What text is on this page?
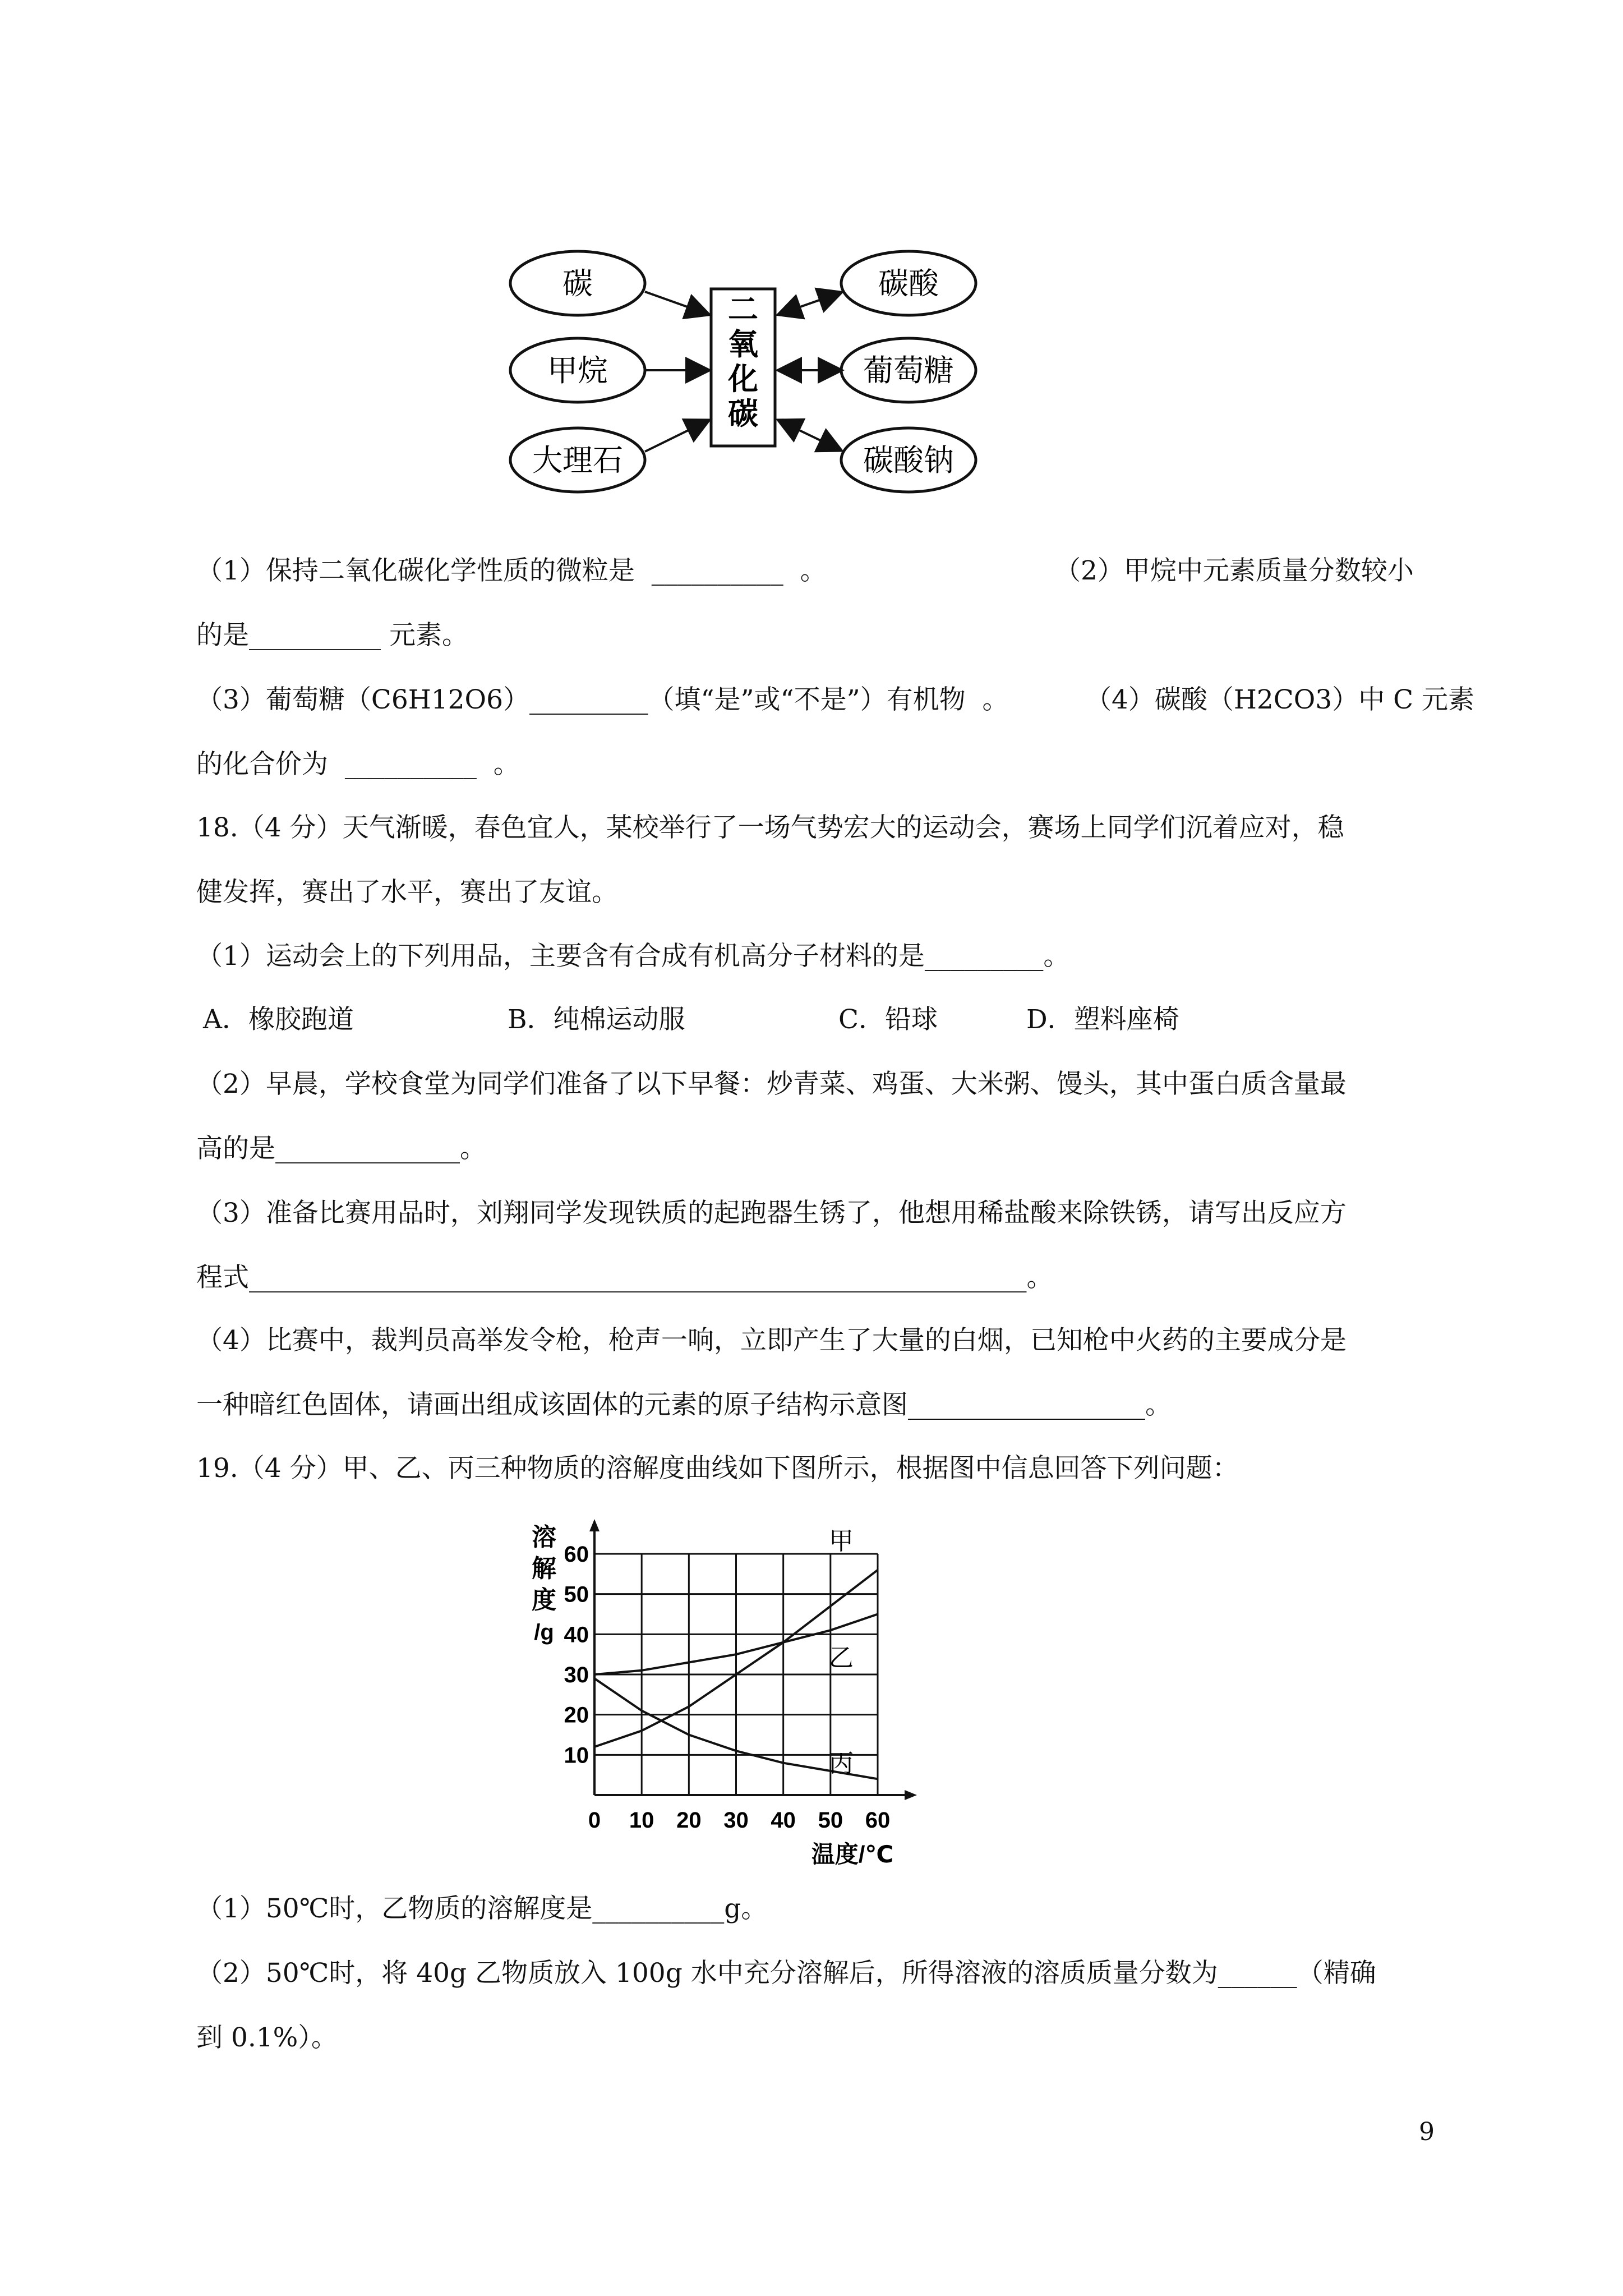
碳
甲烷
大理石
碳酸
葡萄糖
碳酸钠
二
氧
化
碳
（1）保持二氧化碳化学性质的微粒是  __________  。	（2）甲烷中元素质量分数较小
的是__________ 元素。
（3）葡萄糖（C6H12O6）_________（填“是”或“不是”）有机物  。	（4）碳酸（H2CO3）中 C 元素
的化合价为  __________  。
18.（4 分）天气渐暖，春色宜人，某校举行了一场气势宏大的运动会，赛场上同学们沉着应对，稳
健发挥，赛出了水平，赛出了友谊。
（1）运动会上的下列用品，主要含有合成有机高分子材料的是_________。
A．橡胶跑道	B．纯棉运动服	C．铅球	D．塑料座椅
（2）早晨，学校食堂为同学们准备了以下早餐：炒青菜、鸡蛋、大米粥、馒头，其中蛋白质含量最
高的是______________。
（3）准备比赛用品时，刘翔同学发现铁质的起跑器生锈了，他想用稀盐酸来除铁锈，请写出反应方
程式___________________________________________________________。
（4）比赛中，裁判员高举发令枪，枪声一响，立即产生了大量的白烟，已知枪中火药的主要成分是
一种暗红色固体，请画出组成该固体的元素的原子结构示意图__________________。
19.（4 分）甲、乙、丙三种物质的溶解度曲线如下图所示，根据图中信息回答下列问题：
0 10 20 30 40 50 60
10
20
30
40
50
60
溶
解
度
/g
温度/℃
甲
乙
丙
（1）50℃时，乙物质的溶解度是__________g。
（2）50℃时，将 40g 乙物质放入 100g 水中充分溶解后，所得溶液的溶质质量分数为______（精确
到 0.1%）。
9
